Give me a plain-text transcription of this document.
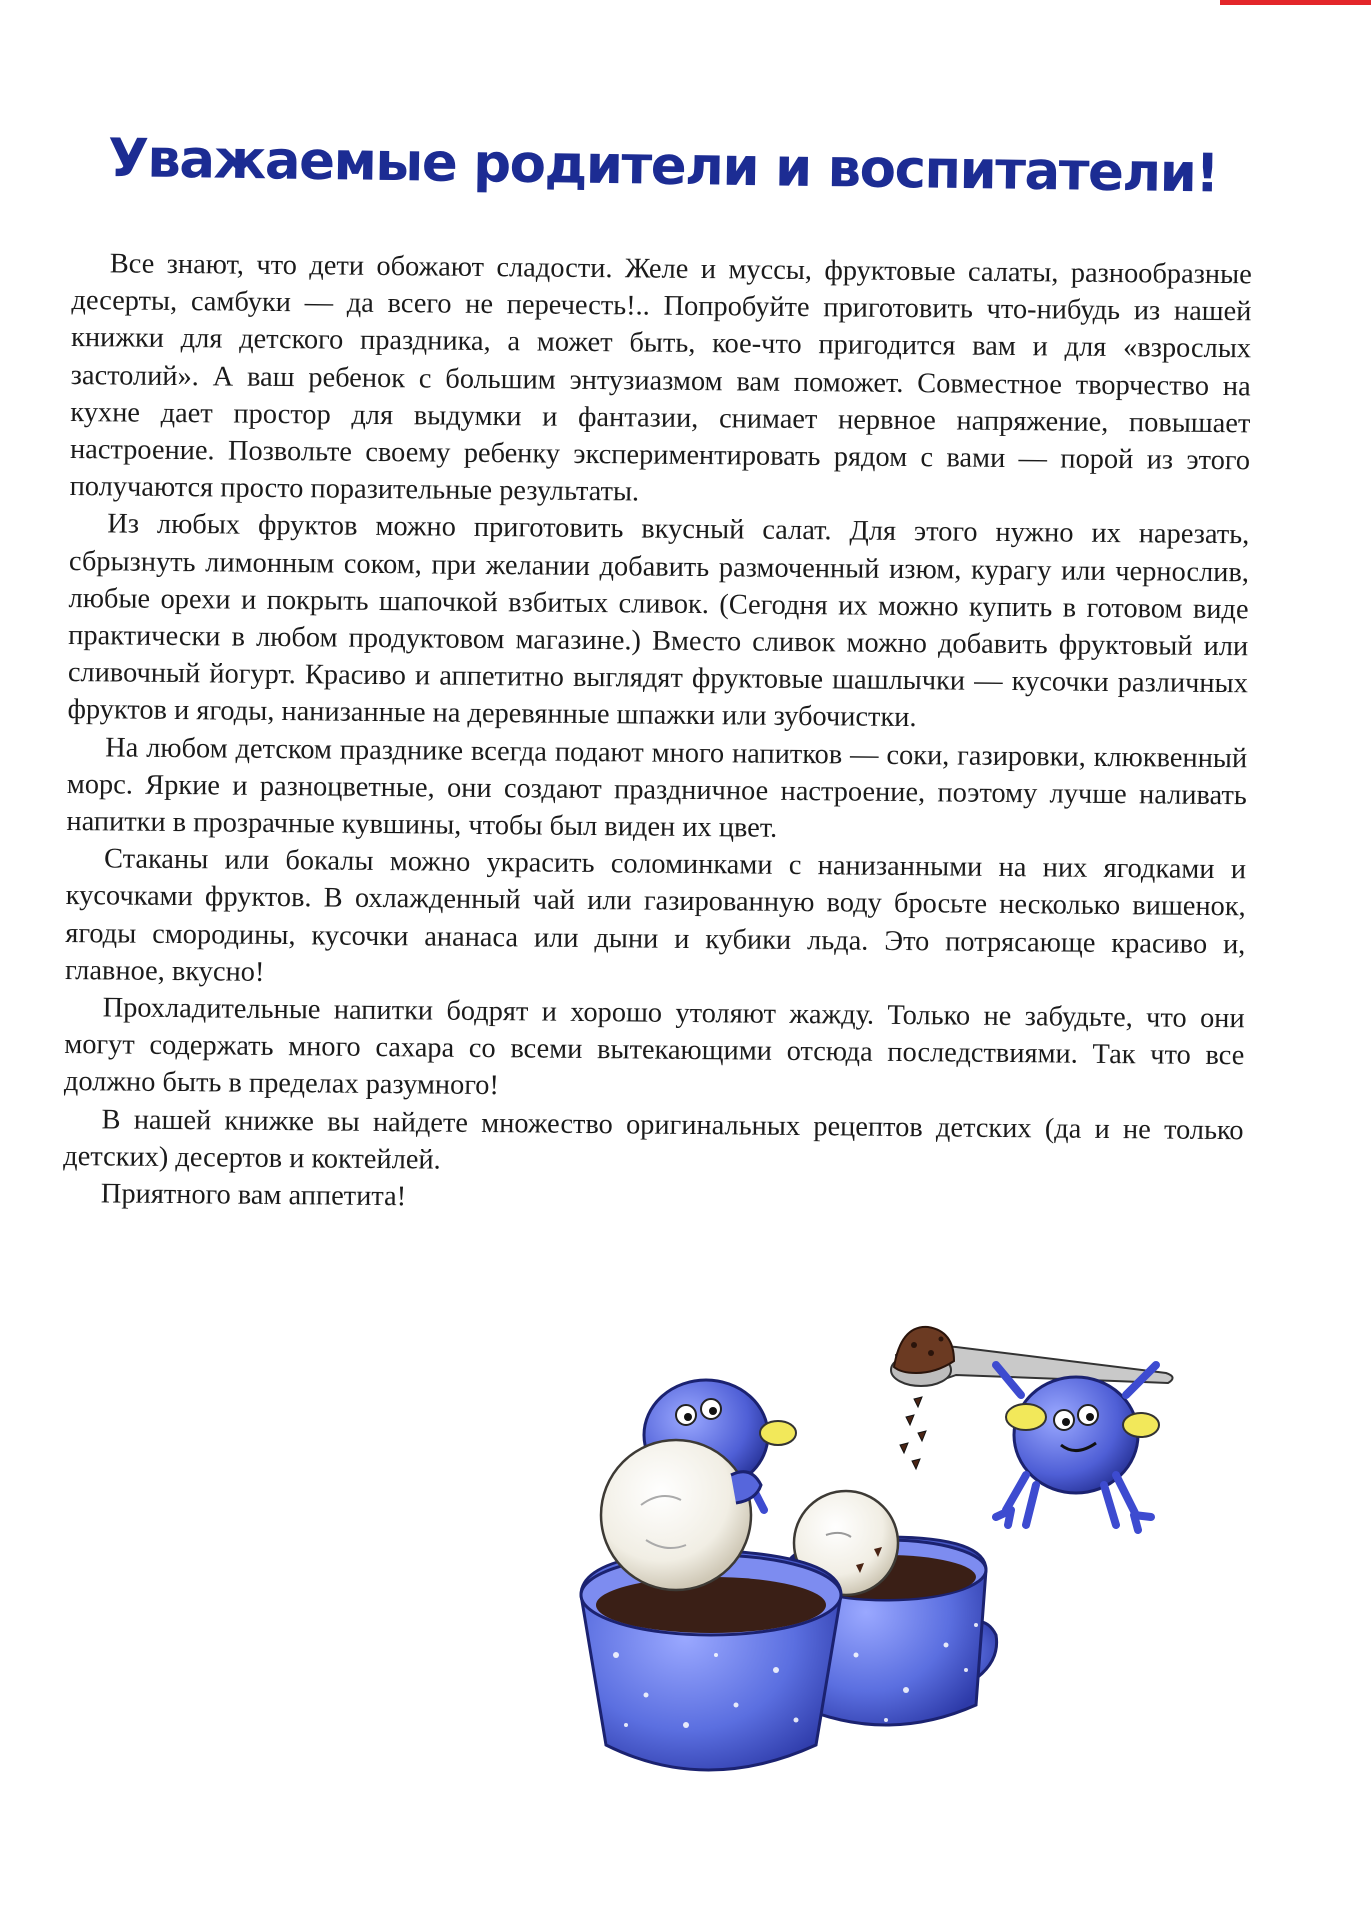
Уважаемые родители и воспитатели!

Все знают, что дети обожают сладости. Желе и муссы, фруктовые салаты, разнообразные десерты, самбуки — да всего не перечесть!.. Попробуйте приготовить что-нибудь из нашей книжки для детского праздника, а может быть, кое-что пригодится вам и для «взрослых застолий». А ваш ребенок с большим энтузиазмом вам поможет. Совместное творчество на кухне дает простор для выдумки и фантазии, снимает нервное напряжение, повышает настроение. Позвольте своему ребенку экспериментировать рядом с вами — порой из этого получаются просто поразительные результаты.

Из любых фруктов можно приготовить вкусный салат. Для этого нужно их нарезать, сбрызнуть лимонным соком, при желании добавить размоченный изюм, курагу или чернослив, любые орехи и покрыть шапочкой взбитых сливок. (Сегодня их можно купить в готовом виде практически в любом продуктовом магазине.) Вместо сливок можно добавить фруктовый или сливочный йогурт. Красиво и аппетитно выглядят фруктовые шашлычки — кусочки различных фруктов и ягоды, нанизанные на деревянные шпажки или зубочистки.

На любом детском празднике всегда подают много напитков — соки, газировки, клюквенный морс. Яркие и разноцветные, они создают праздничное настроение, поэтому лучше наливать напитки в прозрачные кувшины, чтобы был виден их цвет.

Стаканы или бокалы можно украсить соломинками с нанизанными на них ягодками и кусочками фруктов. В охлажденный чай или газированную воду бросьте несколько вишенок, ягоды смородины, кусочки ананаса или дыни и кубики льда. Это потрясающе красиво и, главное, вкусно!

Прохладительные напитки бодрят и хорошо утоляют жажду. Только не забудьте, что они могут содержать много сахара со всеми вытекающими отсюда последствиями. Так что все должно быть в пределах разумного!

В нашей книжке вы найдете множество оригинальных рецептов детских (да и не только детских) десертов и коктейлей.

Приятного вам аппетита!
